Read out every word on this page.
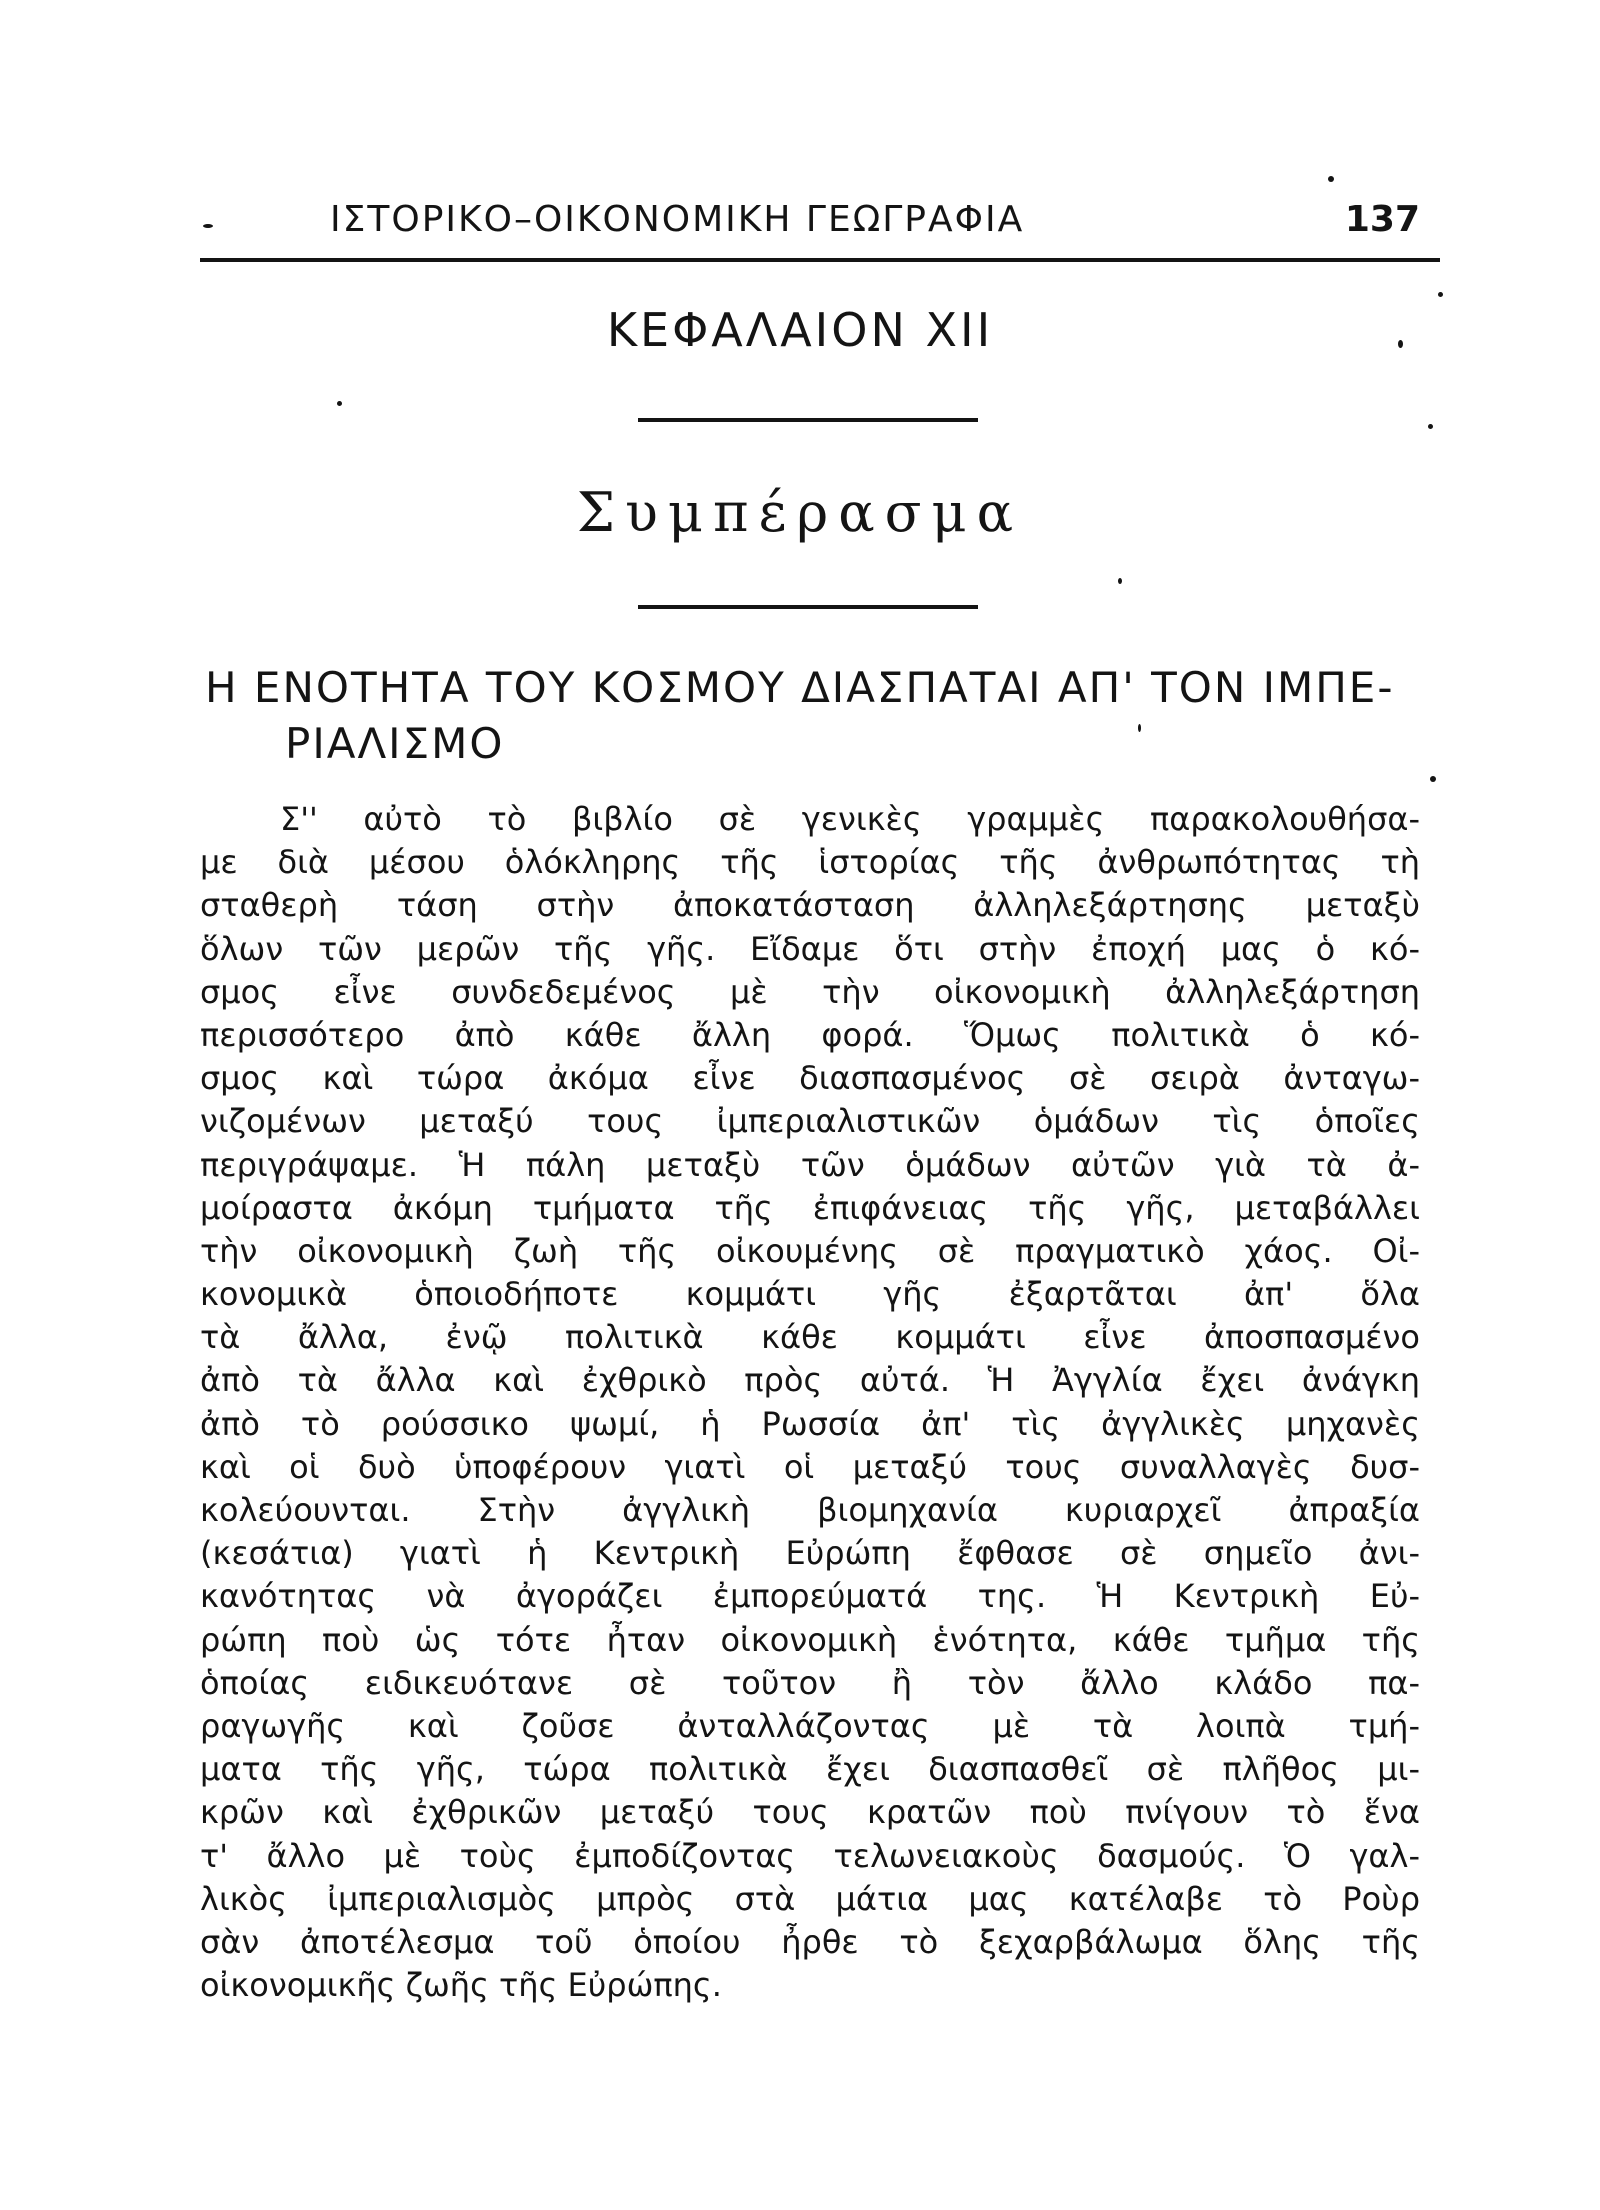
ΙΣΤΟΡΙΚΟ–ΟΙΚΟΝΟΜΙΚΗ ΓΕΩΓΡΑΦΙΑ	137
ΚΕΦΑΛΑΙΟΝ XII
Συμπέρασμα
Η ΕΝΟΤΗΤΑ ΤΟΥ ΚΟΣΜΟΥ ΔΙΑΣΠΑΤΑΙ ΑΠ' ΤΟΝ ΙΜΠΕ-
ΡΙΑΛΙΣΜΟ
Σ'' αὐτὸ τὸ βιβλίο σὲ γενικὲς γραμμὲς παρακολουθήσα-
με διὰ μέσου ὁλόκληρης τῆς ἱστορίας τῆς ἀνθρωπότητας τὴ
σταθερὴ τάση στὴν ἀποκατάσταση ἀλληλεξάρτησης μεταξὺ
ὅλων τῶν μερῶν τῆς γῆς. Εἴδαμε ὅτι στὴν ἐποχή μας ὁ κό-
σμος εἶνε συνδεδεμένος μὲ τὴν οἰκονομικὴ ἀλληλεξάρτηση
περισσότερο ἀπὸ κάθε ἄλλη φορά. Ὅμως πολιτικὰ ὁ κό-
σμος καὶ τώρα ἀκόμα εἶνε διασπασμένος σὲ σειρὰ ἀνταγω-
νιζομένων μεταξύ τους ἰμπεριαλιστικῶν ὁμάδων τὶς ὁποῖες
περιγράψαμε. Ἡ πάλη μεταξὺ τῶν ὁμάδων αὐτῶν γιὰ τὰ ἀ-
μοίραστα ἀκόμη τμήματα τῆς ἐπιφάνειας τῆς γῆς, μεταβάλλει
τὴν οἰκονομικὴ ζωὴ τῆς οἰκουμένης σὲ πραγματικὸ χάος. Οἰ-
κονομικὰ ὁποιοδήποτε κομμάτι γῆς ἐξαρτᾶται ἀπ' ὅλα
τὰ ἄλλα, ἐνῷ πολιτικὰ κάθε κομμάτι εἶνε ἀποσπασμένο
ἀπὸ τὰ ἄλλα καὶ ἐχθρικὸ πρὸς αὐτά. Ἡ Ἀγγλία ἔχει ἀνάγκη
ἀπὸ τὸ ρούσσικο ψωμί, ἡ Ρωσσία ἀπ' τὶς ἀγγλικὲς μηχανὲς
καὶ οἱ δυὸ ὑποφέρουν γιατὶ οἱ μεταξύ τους συναλλαγὲς δυσ-
κολεύουνται. Στὴν ἀγγλικὴ βιομηχανία κυριαρχεῖ ἀπραξία
(κεσάτια) γιατὶ ἡ Κεντρικὴ Εὐρώπη ἔφθασε σὲ σημεῖο ἀνι-
κανότητας νὰ ἀγοράζει ἐμπορεύματά της. Ἡ Κεντρικὴ Εὐ-
ρώπη ποὺ ὡς τότε ἦταν οἰκονομικὴ ἑνότητα, κάθε τμῆμα τῆς
ὁποίας ειδικευότανε σὲ τοῦτον ἢ τὸν ἄλλο κλάδο πα-
ραγωγῆς καὶ ζοῦσε ἀνταλλάζοντας μὲ τὰ λοιπὰ τμή-
ματα τῆς γῆς, τώρα πολιτικὰ ἔχει διασπασθεῖ σὲ πλῆθος μι-
κρῶν καὶ ἐχθρικῶν μεταξύ τους κρατῶν ποὺ πνίγουν τὸ ἕνα
τ' ἄλλο μὲ τοὺς ἐμποδίζοντας τελωνειακοὺς δασμούς. Ὁ γαλ-
λικὸς ἰμπεριαλισμὸς μπρὸς στὰ μάτια μας κατέλαβε τὸ Ροὺρ
σὰν ἀποτέλεσμα τοῦ ὁποίου ἦρθε τὸ ξεχαρβάλωμα ὅλης τῆς
οἰκονομικῆς ζωῆς τῆς Εὐρώπης.
